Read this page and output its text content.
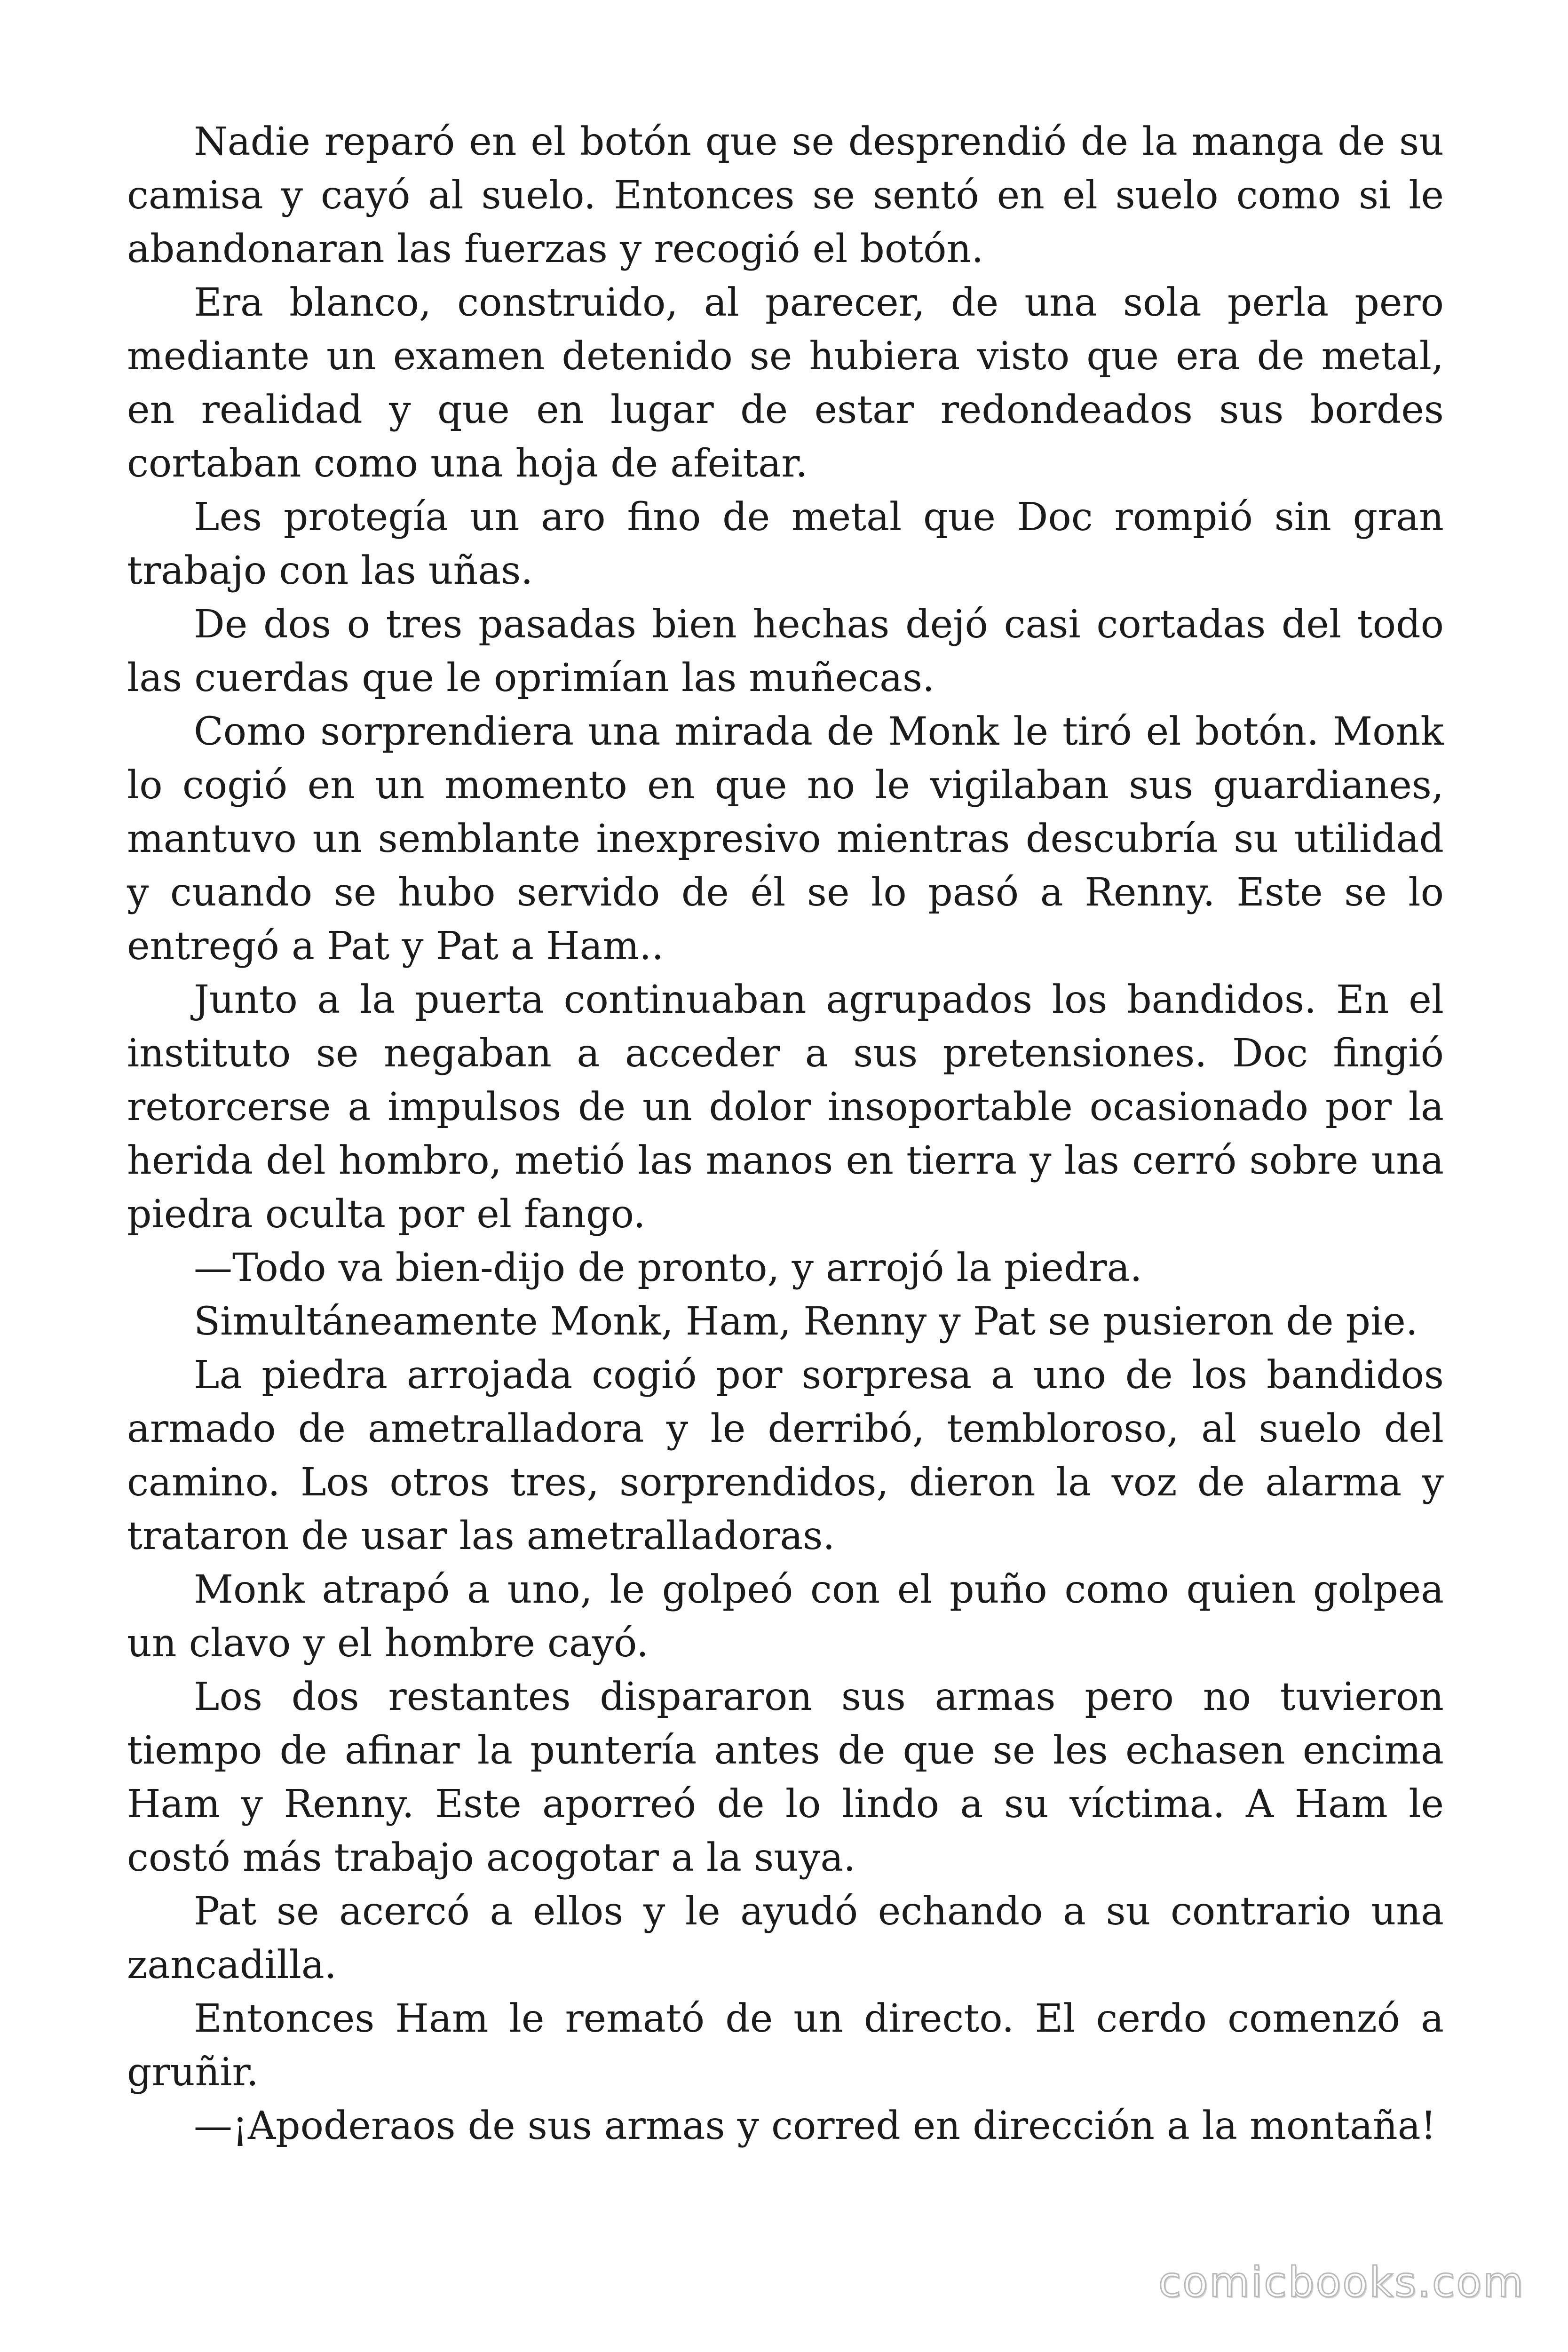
Nadie reparó en el botón que se desprendió de la manga de su camisa y cayó al suelo. Entonces se sentó en el suelo como si le abandonaran las fuerzas y recogió el botón.

Era blanco, construido, al parecer, de una sola perla pero mediante un examen detenido se hubiera visto que era de metal, en realidad y que en lugar de estar redondeados sus bordes cortaban como una hoja de afeitar.

Les protegía un aro fino de metal que Doc rompió sin gran trabajo con las uñas.

De dos o tres pasadas bien hechas dejó casi cortadas del todo las cuerdas que le oprimían las muñecas.

Como sorprendiera una mirada de Monk le tiró el botón. Monk lo cogió en un momento en que no le vigilaban sus guardianes, mantuvo un semblante inexpresivo mientras descubría su utilidad y cuando se hubo servido de él se lo pasó a Renny. Este se lo entregó a Pat y Pat a Ham..

Junto a la puerta continuaban agrupados los bandidos. En el instituto se negaban a acceder a sus pretensiones. Doc fingió retorcerse a impulsos de un dolor insoportable ocasionado por la herida del hombro, metió las manos en tierra y las cerró sobre una piedra oculta por el fango.

—Todo va bien-dijo de pronto, y arrojó la piedra.

Simultáneamente Monk, Ham, Renny y Pat se pusieron de pie.

La piedra arrojada cogió por sorpresa a uno de los bandidos armado de ametralladora y le derribó, tembloroso, al suelo del camino. Los otros tres, sorprendidos, dieron la voz de alarma y trataron de usar las ametralladoras.

Monk atrapó a uno, le golpeó con el puño como quien golpea un clavo y el hombre cayó.

Los dos restantes dispararon sus armas pero no tuvieron tiempo de afinar la puntería antes de que se les echasen encima Ham y Renny. Este aporreó de lo lindo a su víctima. A Ham le costó más trabajo acogotar a la suya.

Pat se acercó a ellos y le ayudó echando a su contrario una zancadilla.

Entonces Ham le remató de un directo. El cerdo comenzó a gruñir.

—¡Apoderaos de sus armas y corred en dirección a la montaña!

comicbooks.com
